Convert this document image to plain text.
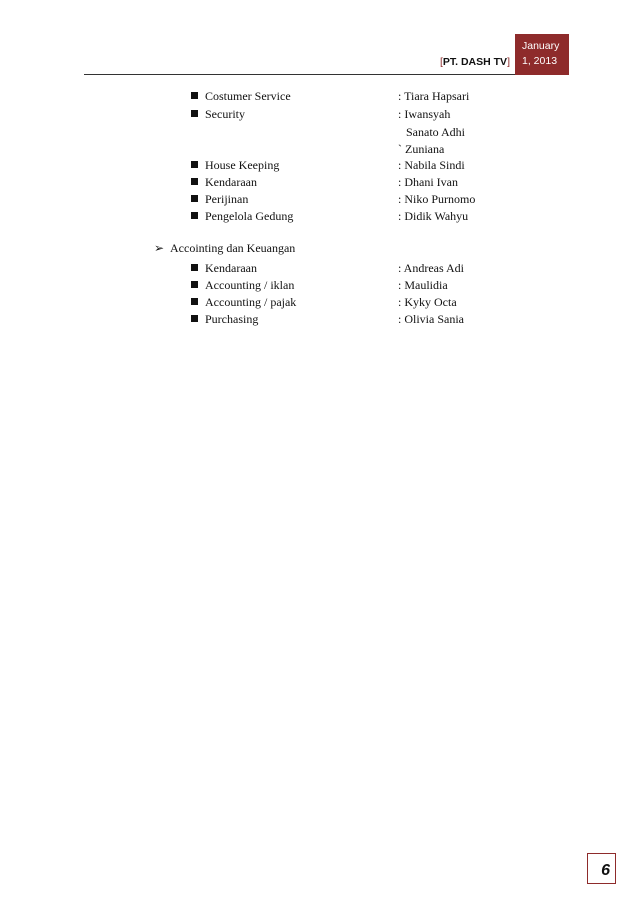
[PT. DASH TV]
January
1, 2013
Costumer Service	: Tiara Hapsari
Security	: Iwansyah
Sanato Adhi
` Zuniana
House Keeping	: Nabila Sindi
Kendaraan	: Dhani Ivan
Perijinan	: Niko Purnomo
Pengelola Gedung	: Didik Wahyu
➢ Accointing dan Keuangan
Kendaraan	: Andreas Adi
Accounting / iklan	: Maulidia
Accounting / pajak	: Kyky Octa
Purchasing	: Olivia Sania
6
